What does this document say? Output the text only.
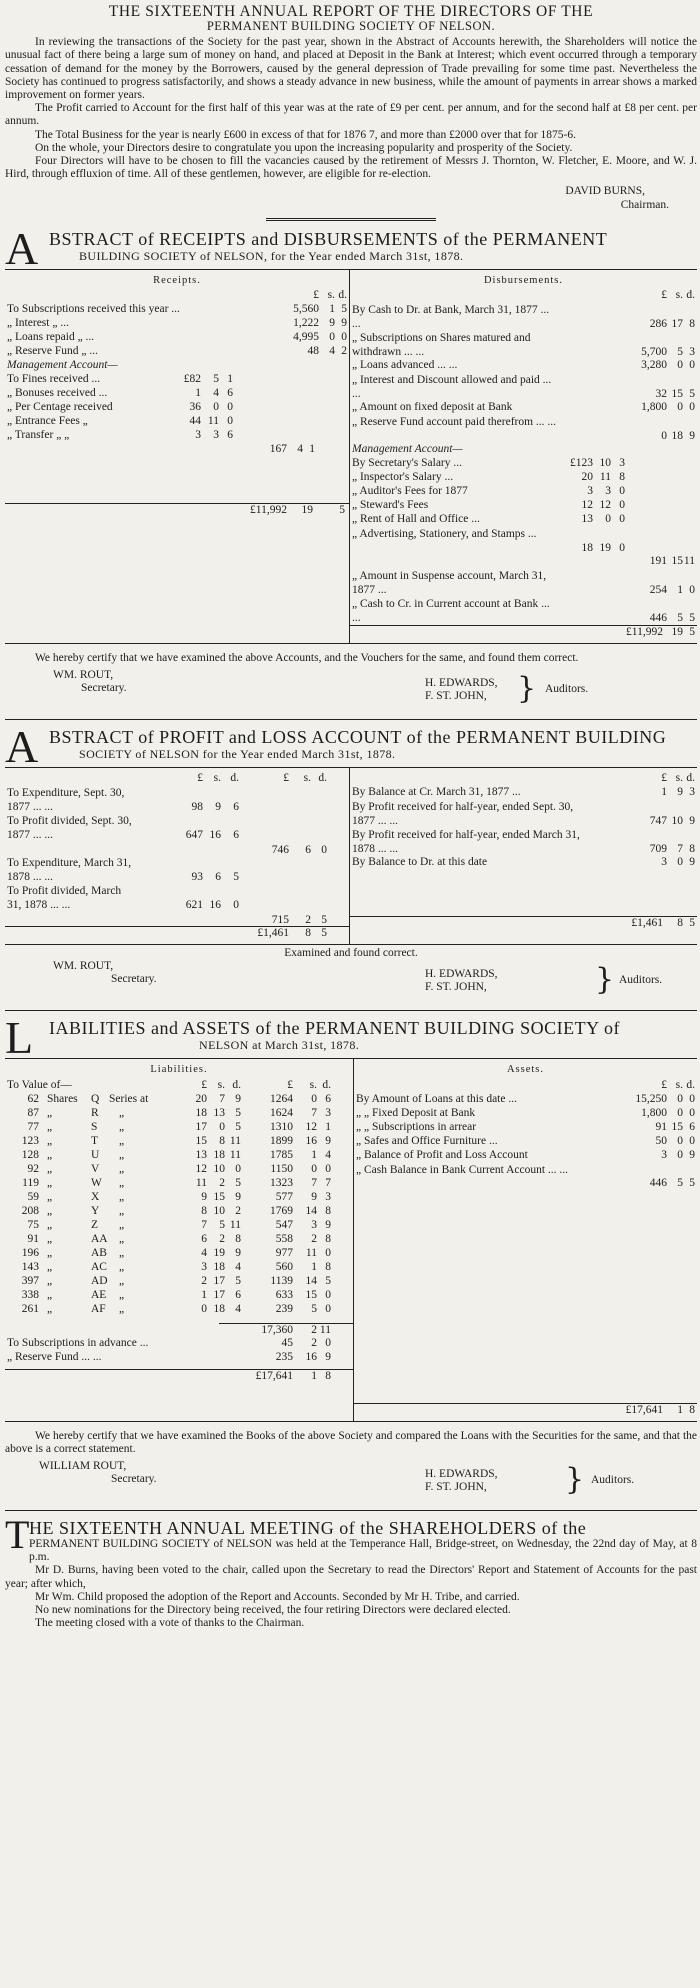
THE SIXTEENTH ANNUAL REPORT OF THE DIRECTORS OF THE
PERMANENT BUILDING SOCIETY OF NELSON.

In reviewing the transactions of the Society for the past year, shown in the Abstract of Accounts herewith, the Shareholders will notice the unusual fact of there being a large sum of money on hand, and placed at Deposit in the Bank at Interest; which event occurred through a temporary cessation of demand for the money by the Borrowers, caused by the general depression of Trade prevailing for some time past. Nevertheless the Society has continued to progress satisfactorily, and shows a steady advance in new business, while the amount of payments in arrear shows a marked improvement on former years.

The Profit carried to Account for the first half of this year was at the rate of £9 per cent. per annum, and for the second half at £8 per cent. per annum.

The Total Business for the year is nearly £600 in excess of that for 1876 7, and more than £2000 over that for 1875-6.

On the whole, your Directors desire to congratulate you upon the increasing popularity and prosperity of the Society.

Four Directors will have to be chosen to fill the vacancies caused by the retirement of Messrs J. Thornton, W. Fletcher, E. Moore, and W. J. Hird, through effluxion of time. All of these gentlemen, however, are eligible for re-election.

DAVID BURNS,
Chairman.
A BSTRACT of RECEIPTS and DISBURSEMENTS of the PERMANENT
BUILDING SOCIETY of NELSON, for the Year ended March 31st, 1878.
Receipts.
£ s. d.
To Subscriptions received this year ...	5,560 1 5
„ Interest „ ...	1,222 9 9
„ Loans repaid „ ...	4,995 0 0
„ Reserve Fund „ ...	48 4 2
Management Account—
To Fines received ...	£82 5 1
„ Bonuses received ...	1 4 6
„ Per Centage received	36 0 0
„ Entrance Fees „	44 11 0
„ Transfer „ „	3 3 6
167 4 1
£11,992 19 5
Disbursements.
£ s. d.
By Cash to Dr. at Bank, March 31, 1877 ... ...	286 17 8
„ Subscriptions on Shares matured and withdrawn ... ...	5,700 5 3
„ Loans advanced ... ...	3,280 0 0
„ Interest and Discount allowed and paid ... ...	32 15 5
„ Amount on fixed deposit at Bank	1,800 0 0
„ Reserve Fund account paid therefrom ... ...
0 18 9
Management Account—
By Secretary's Salary ...	£123 10 3
„ Inspector's Salary ...	20 11 8
„ Auditor's Fees for 1877	3 3 0
„ Steward's Fees	12 12 0
„ Rent of Hall and Office ...	13 0 0
„ Advertising, Stationery, and Stamps ...
18 19 0
191 15 11
„ Amount in Suspense account, March 31, 1877 ...	254 1 0
„ Cash to Cr. in Current account at Bank ... ...	446 5 5
£11,992 19 5

We hereby certify that we have examined the above Accounts, and the Vouchers for the same, and found them correct.

WM. ROUT,
Secretary.	H. EDWARDS,
F. ST. JOHN, } Auditors.
A BSTRACT of PROFIT and LOSS ACCOUNT of the PERMANENT BUILDING
SOCIETY of NELSON for the Year ended March 31st, 1878.
£ s. d.	£ s. d.
To Expenditure, Sept. 30, 1877 ... ...	98 9 6
To Profit divided, Sept. 30, 1877 ... ...	647 16 6
746 6 0
To Expenditure, March 31, 1878 ... ...	93 6 5
To Profit divided, March 31, 1878 ... ...	621 16 0
715 2 5
£1,461 8 5
£ s. d.
By Balance at Cr. March 31, 1877 ...	1 9 3
By Profit received for half-year, ended Sept. 30, 1877 ... ...	747 10 9
By Profit received for half-year, ended March 31, 1878 ... ...	709 7 8
By Balance to Dr. at this date	3 0 9
£1,461 8 5
Examined and found correct.
WM. ROUT,
Secretary.	H. EDWARDS,
F. ST. JOHN,	} Auditors.
L IABILITIES and ASSETS of the PERMANENT BUILDING SOCIETY of
NELSON at March 31st, 1878.
Liabilities.
To Value of—	£ s. d.	£ s. d.
62 Shares Q Series at	20 7 9	1264 0 6
87 „	R „	18 13 5	1624 7 3
77 „	S „	17 0 5	1310 12 1
123 „	T „	15 8 11	1899 16 9
128 „	U „	13 18 11	1785 1 4
92 „	V „	12 10 0	1150 0 0
119 „	W „	11 2 5	1323 7 7
59 „	X „	9 15 9	577 9 3
208 „	Y „	8 10 2	1769 14 8
75 „	Z „	7 5 11	547 3 9
91 „	AA „	6 2 8	558 2 8
196 „	AB „	4 19 9	977 11 0
143 „	AC „	3 18 4	560 1 8
397 „	AD „	2 17 5	1139 14 5
338 „	AE „	1 17 6	633 15 0
261 „	AF „	0 18 4	239 5 0
17,360 2 11
To Subscriptions in advance ...	45 2 0
„ Reserve Fund ... ...	235 16 9
£17,641 1 8
Assets.
£ s. d.
By Amount of Loans at this date ...	15,250 0 0
„ „ Fixed Deposit at Bank	1,800 0 0
„ „ Subscriptions in arrear	91 15 6
„ Safes and Office Furniture ...	50 0 0
„ Balance of Profit and Loss Account	3 0 9
„ Cash Balance in Bank Current Account ... ...
446 5 5
£17,641 1 8

We hereby certify that we have examined the Books of the above Society and compared the Loans with the Securities for the same, and that the above is a correct statement.

WILLIAM ROUT,
Secretary.	H. EDWARDS,
F. ST. JOHN,	} Auditors.
T HE SIXTEENTH ANNUAL MEETING of the SHAREHOLDERS of the

PERMANENT BUILDING SOCIETY of NELSON was held at the Temperance Hall, Bridge-street, on Wednesday, the 22nd day of May, at 8 p.m.

Mr D. Burns, having been voted to the chair, called upon the Secretary to read the Directors' Report and Statement of Accounts for the past year; after which,

Mr Wm. Child proposed the adoption of the Report and Accounts. Seconded by Mr H. Tribe, and carried.

No new nominations for the Directory being received, the four retiring Directors were declared elected.

The meeting closed with a vote of thanks to the Chairman.
